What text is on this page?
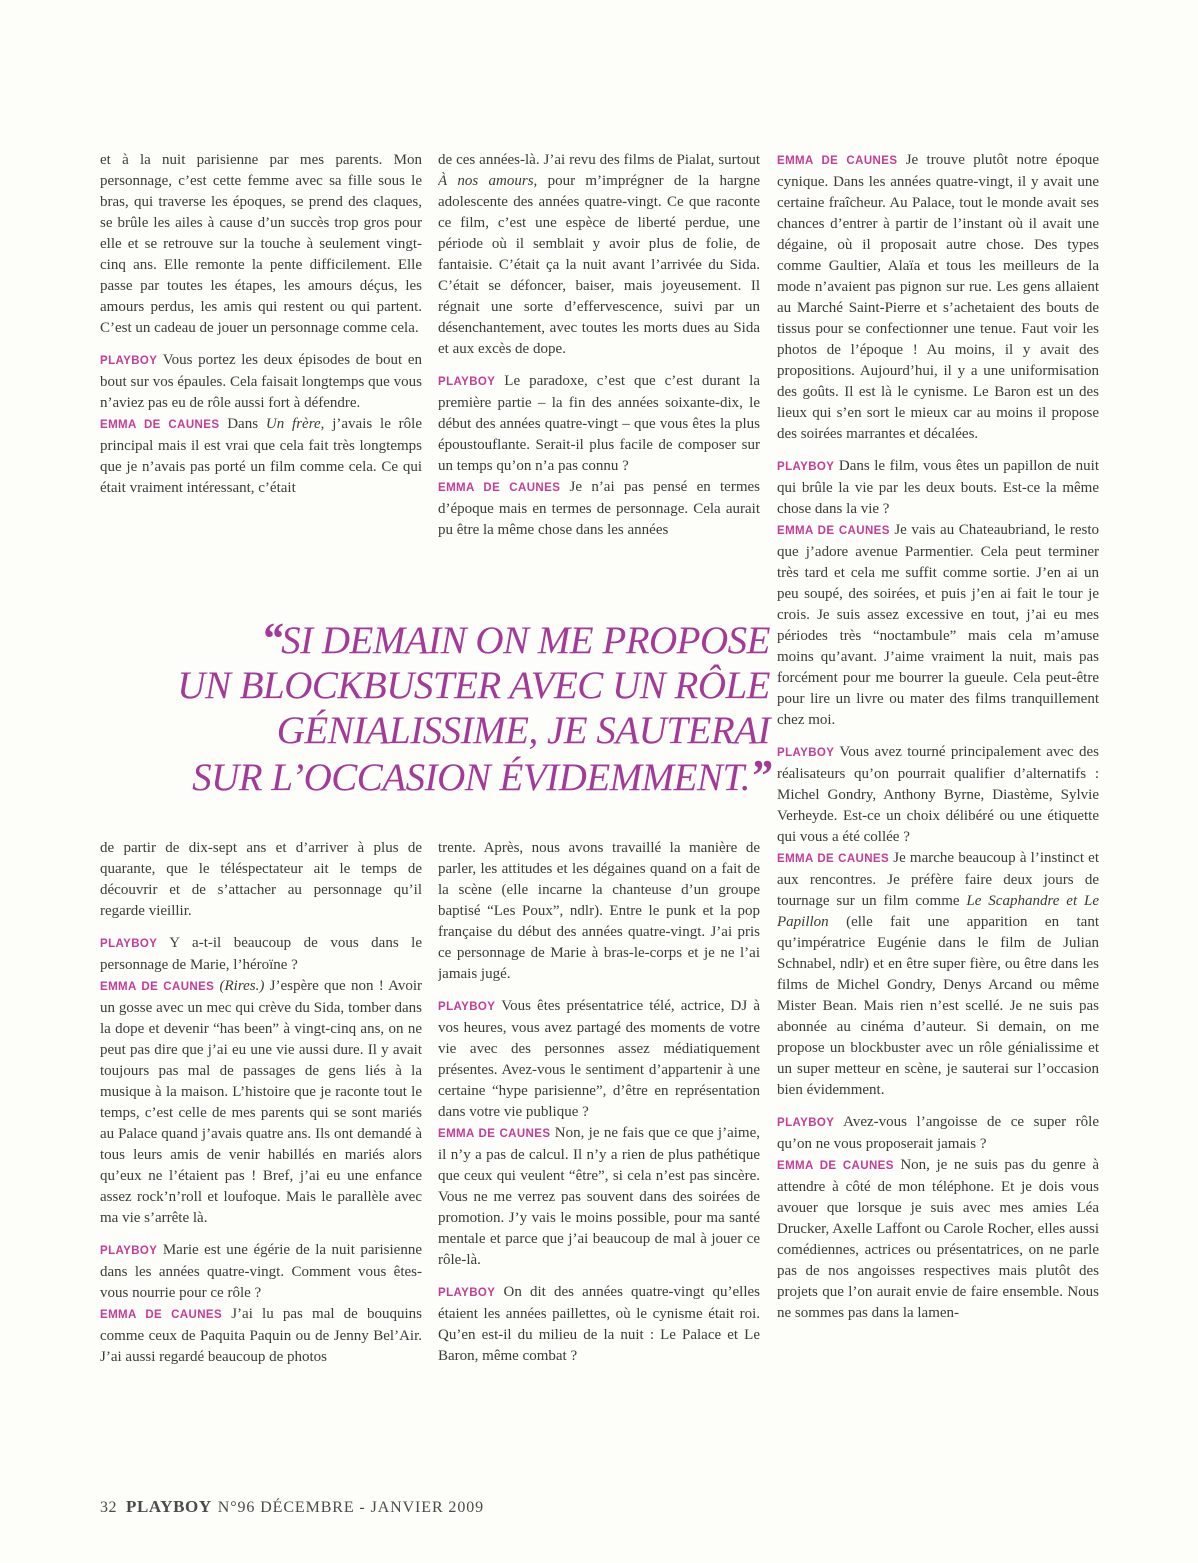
et à la nuit parisienne par mes parents. Mon personnage, c’est cette femme avec sa fille sous le bras, qui traverse les époques, se prend des claques, se brûle les ailes à cause d’un succès trop gros pour elle et se retrouve sur la touche à seulement vingt-cinq ans. Elle remonte la pente difficilement. Elle passe par toutes les étapes, les amours déçus, les amours perdus, les amis qui restent ou qui partent. C’est un cadeau de jouer un personnage comme cela.

PLAYBOY Vous portez les deux épisodes de bout en bout sur vos épaules. Cela faisait longtemps que vous n’aviez pas eu de rôle aussi fort à défendre.

EMMA DE CAUNES Dans Un frère, j’avais le rôle principal mais il est vrai que cela fait très longtemps que je n’avais pas porté un film comme cela. Ce qui était vraiment intéressant, c’était

de ces années-là. J’ai revu des films de Pialat, surtout À nos amours, pour m’imprégner de la hargne adolescente des années quatre-vingt. Ce que raconte ce film, c’est une espèce de liberté perdue, une période où il semblait y avoir plus de folie, de fantaisie. C’était ça la nuit avant l’arrivée du Sida. C’était se défoncer, baiser, mais joyeusement. Il régnait une sorte d’effervescence, suivi par un désenchantement, avec toutes les morts dues au Sida et aux excès de dope.

PLAYBOY Le paradoxe, c’est que c’est durant la première partie – la fin des années soixante-dix, le début des années quatre-vingt – que vous êtes la plus époustouflante. Serait-il plus facile de composer sur un temps qu’on n’a pas connu ?

EMMA DE CAUNES Je n’ai pas pensé en termes d’époque mais en termes de personnage. Cela aurait pu être la même chose dans les années

EMMA DE CAUNES Je trouve plutôt notre époque cynique. Dans les années quatre-vingt, il y avait une certaine fraîcheur. Au Palace, tout le monde avait ses chances d’entrer à partir de l’instant où il avait une dégaine, où il proposait autre chose. Des types comme Gaultier, Alaïa et tous les meilleurs de la mode n’avaient pas pignon sur rue. Les gens allaient au Marché Saint-Pierre et s’achetaient des bouts de tissus pour se confectionner une tenue. Faut voir les photos de l’époque ! Au moins, il y avait des propositions. Aujourd’hui, il y a une uniformisation des goûts. Il est là le cynisme. Le Baron est un des lieux qui s’en sort le mieux car au moins il propose des soirées marrantes et décalées.

PLAYBOY Dans le film, vous êtes un papillon de nuit qui brûle la vie par les deux bouts. Est-ce la même chose dans la vie ?

EMMA DE CAUNES Je vais au Chateaubriand, le resto que j’adore avenue Parmentier. Cela peut terminer très tard et cela me suffit comme sortie. J’en ai un peu soupé, des soirées, et puis j’en ai fait le tour je crois. Je suis assez excessive en tout, j’ai eu mes périodes très “noctambule” mais cela m’amuse moins qu’avant. J’aime vraiment la nuit, mais pas forcément pour me bourrer la gueule. Cela peut-être pour lire un livre ou mater des films tranquillement chez moi.

PLAYBOY Vous avez tourné principalement avec des réalisateurs qu’on pourrait qualifier d’alternatifs : Michel Gondry, Anthony Byrne, Diastème, Sylvie Verheyde. Est-ce un choix délibéré ou une étiquette qui vous a été collée ?

EMMA DE CAUNES Je marche beaucoup à l’instinct et aux rencontres. Je préfère faire deux jours de tournage sur un film comme Le Scaphandre et Le Papillon (elle fait une apparition en tant qu’impératrice Eugénie dans le film de Julian Schnabel, ndlr) et en être super fière, ou être dans les films de Michel Gondry, Denys Arcand ou même Mister Bean. Mais rien n’est scellé. Je ne suis pas abonnée au cinéma d’auteur. Si demain, on me propose un blockbuster avec un rôle génialissime et un super metteur en scène, je sauterai sur l’occasion bien évidemment.

PLAYBOY Avez-vous l’angoisse de ce super rôle qu’on ne vous proposerait jamais ?

EMMA DE CAUNES Non, je ne suis pas du genre à attendre à côté de mon téléphone. Et je dois vous avouer que lorsque je suis avec mes amies Léa Drucker, Axelle Laffont ou Carole Rocher, elles aussi comédiennes, actrices ou présentatrices, on ne parle pas de nos angoisses respectives mais plutôt des projets que l’on aurait envie de faire ensemble. Nous ne sommes pas dans la lamen-

“SI DEMAIN ON ME PROPOSE
UN BLOCKBUSTER AVEC UN RÔLE
GÉNIALISSIME, JE SAUTERAI
SUR L’OCCASION ÉVIDEMMENT.”

de partir de dix-sept ans et d’arriver à plus de quarante, que le téléspectateur ait le temps de découvrir et de s’attacher au personnage qu’il regarde vieillir.

PLAYBOY Y a-t-il beaucoup de vous dans le personnage de Marie, l’héroïne ?

EMMA DE CAUNES (Rires.) J’espère que non ! Avoir un gosse avec un mec qui crève du Sida, tomber dans la dope et devenir “has been” à vingt-cinq ans, on ne peut pas dire que j’ai eu une vie aussi dure. Il y avait toujours pas mal de passages de gens liés à la musique à la maison. L’histoire que je raconte tout le temps, c’est celle de mes parents qui se sont mariés au Palace quand j’avais quatre ans. Ils ont demandé à tous leurs amis de venir habillés en mariés alors qu’eux ne l’étaient pas ! Bref, j’ai eu une enfance assez rock’n’roll et loufoque. Mais le parallèle avec ma vie s’arrête là.

PLAYBOY Marie est une égérie de la nuit parisienne dans les années quatre-vingt. Comment vous êtes-vous nourrie pour ce rôle ?

EMMA DE CAUNES J’ai lu pas mal de bouquins comme ceux de Paquita Paquin ou de Jenny Bel’Air. J’ai aussi regardé beaucoup de photos

trente. Après, nous avons travaillé la manière de parler, les attitudes et les dégaines quand on a fait de la scène (elle incarne la chanteuse d’un groupe baptisé “Les Poux”, ndlr). Entre le punk et la pop française du début des années quatre-vingt. J’ai pris ce personnage de Marie à bras-le-corps et je ne l’ai jamais jugé.

PLAYBOY Vous êtes présentatrice télé, actrice, DJ à vos heures, vous avez partagé des moments de votre vie avec des personnes assez médiatiquement présentes. Avez-vous le sentiment d’appartenir à une certaine “hype parisienne”, d’être en représentation dans votre vie publique ?

EMMA DE CAUNES Non, je ne fais que ce que j’aime, il n’y a pas de calcul. Il n’y a rien de plus pathétique que ceux qui veulent “être”, si cela n’est pas sincère. Vous ne me verrez pas souvent dans des soirées de promotion. J’y vais le moins possible, pour ma santé mentale et parce que j’ai beaucoup de mal à jouer ce rôle-là.

PLAYBOY On dit des années quatre-vingt qu’elles étaient les années paillettes, où le cynisme était roi. Qu’en est-il du milieu de la nuit : Le Palace et Le Baron, même combat ?

32 PLAYBOY N°96 DÉCEMBRE - JANVIER 2009
